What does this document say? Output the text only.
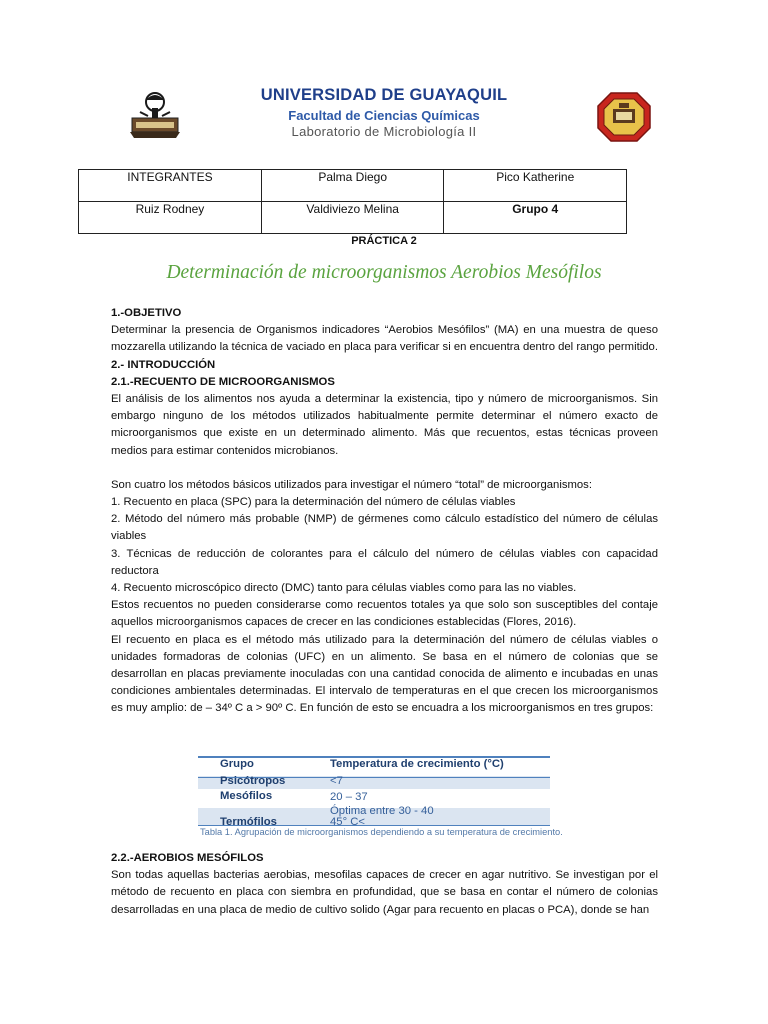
UNIVERSIDAD DE GUAYAQUIL
Facultad de Ciencias Químicas
Laboratorio de Microbiología II
INTEGRANTES	Palma Diego	Pico Katherine
Ruiz Rodney	Valdiviezo Melina	Grupo 4
PRÁCTICA 2
Determinación de microorganismos Aerobios Mesófilos

1.-OBJETIVO

Determinar la presencia de Organismos indicadores “Aerobios Mesófilos” (MA) en una muestra de queso mozzarella utilizando la técnica de vaciado en placa para verificar si en encuentra dentro del rango permitido.

2.- INTRODUCCIÓN

2.1.-RECUENTO DE MICROORGANISMOS

El análisis de los alimentos nos ayuda a determinar la existencia, tipo y número de microorganismos. Sin embargo ninguno de los métodos utilizados habitualmente permite determinar el número exacto de microorganismos que existe en un determinado alimento. Más que recuentos, estas técnicas proveen medios para estimar contenidos microbianos.

Son cuatro los métodos básicos utilizados para investigar el número “total” de microorganismos:

1. Recuento en placa (SPC) para la determinación del número de células viables

2. Método del número más probable (NMP) de gérmenes como cálculo estadístico del número de células viables

3. Técnicas de reducción de colorantes para el cálculo del número de células viables con capacidad reductora

4. Recuento microscópico directo (DMC) tanto para células viables como para las no viables.

Estos recuentos no pueden considerarse como recuentos totales ya que solo son susceptibles del contaje aquellos microorganismos capaces de crecer en las condiciones establecidas (Flores, 2016).

El recuento en placa es el método más utilizado para la determinación del número de células viables o unidades formadoras de colonias (UFC) en un alimento. Se basa en el número de colonias que se desarrollan en placas previamente inoculadas con una cantidad conocida de alimento e incubadas en unas condiciones ambientales determinadas. El intervalo de temperaturas en el que crecen los microorganismos es muy amplio: de – 34º C a > 90º C. En función de esto se encuadra a los microorganismos en tres grupos:

Grupo	Temperatura de crecimiento (°C)
Psicótropos	<7
Mesófilos	20 – 37
Óptima entre 30 - 40
Termófilos	45° C<
Tabla 1. Agrupación de microorganismos dependiendo a su temperatura de crecimiento.

2.2.-AEROBIOS MESÓFILOS

Son todas aquellas bacterias aerobias, mesofilas capaces de crecer en agar nutritivo. Se investigan por el método de recuento en placa con siembra en profundidad, que se basa en contar el número de colonias desarrolladas en una placa de medio de cultivo solido (Agar para recuento en placas o PCA), donde se han
